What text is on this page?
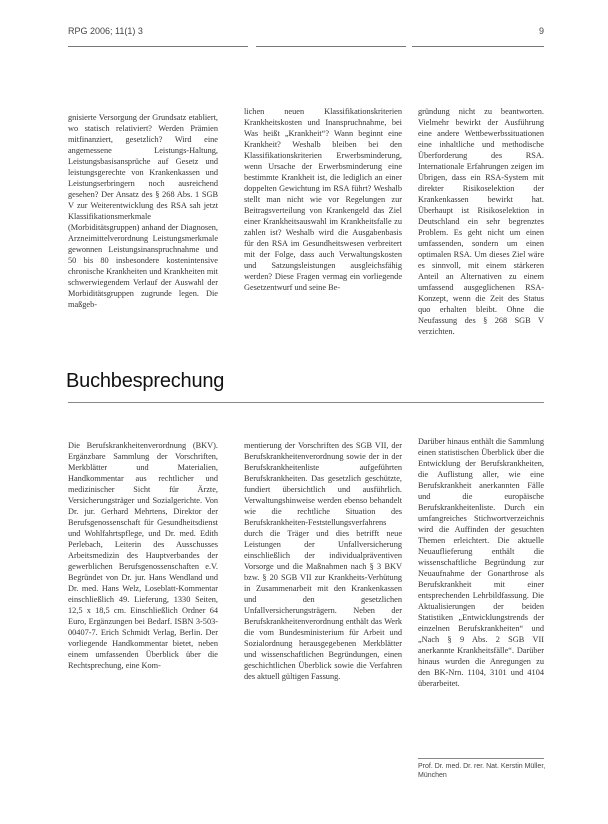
RPG 2006; 11(1) 3	9

gnisierte Versorgung der Grundsatz etabliert, wo statisch relativiert? Werden Prämien mitfinanziert, gesetzlich? Wird eine angemessene Leistungs-Haltung, Leistungsbasisansprüche auf Gesetz und leistungsgerechte von Krankenkassen und Leistungserbringern noch ausreichend gesehen? Der Ansatz des § 268 Abs. 1 SGB V zur Weiterentwicklung des RSA sah jetzt Klassifikationsmerkmale (Morbiditätsgruppen) anhand der Diagnosen, Arzneimittelverordnung Leistungsmerkmale gewonnen Leistungsinanspruchnahme und 50 bis 80 insbesondere kostenintensive chronische Krankheiten und Krankheiten mit schwerwiegendem Verlauf der Auswahl der Morbiditätsgruppen zugrunde legen. Die maßgeb-

lichen neuen Klassifikationskriterien Krankheitskosten und Inanspruchnahme, bei Was heißt „Krankheit“? Wann beginnt eine Krankheit? Weshalb bleiben bei den Klassifikationskriterien Erwerbsminderung, wenn Ursache der Erwerbsminderung eine bestimmte Krankheit ist, die lediglich an einer doppelten Gewichtung im RSA führt? Weshalb stellt man nicht wie vor Regelungen zur Beitragsverteilung von Krankengeld das Ziel einer Krankheitsauswahl im Krankheitsfalle zu zahlen ist? Weshalb wird die Ausgabenbasis für den RSA im Gesundheitswesen verbreitert mit der Folge, dass auch Verwaltungskosten und Satzungsleistungen ausgleichsfähig werden? Diese Fragen vermag ein vorliegende Gesetzentwurf und seine Be-

gründung nicht zu beantworten. Vielmehr bewirkt der Ausführung eine andere Wettbewerbssituationen eine inhaltliche und methodische Überforderung des RSA. Internationale Erfahrungen zeigen im Übrigen, dass ein RSA-System mit direkter Risikoselektion der Krankenkassen bewirkt hat. Überhaupt ist Risikoselektion in Deutschland ein sehr begrenztes Problem. Es geht nicht um einen umfassenden, sondern um einen optimalen RSA. Um dieses Ziel wäre es sinnvoll, mit einem stärkeren Anteil an Alternativen zu einem umfassend ausgeglichenen RSA-Konzept, wenn die Zeit des Status quo erhalten bleibt. Ohne die Neufassung des § 268 SGB V verzichten.

Buchbesprechung

Die Berufskrankheitenverordnung (BKV). Ergänzbare Sammlung der Vorschriften, Merkblätter und Materialien, Handkommentar aus rechtlicher und medizinischer Sicht für Ärzte, Versicherungsträger und Sozialgerichte. Von Dr. jur. Gerhard Mehrtens, Direktor der Berufsgenossenschaft für Gesundheitsdienst und Wohlfahrtspflege, und Dr. med. Edith Perlebach, Leiterin des Ausschusses Arbeitsmedizin des Hauptverbandes der gewerblichen Berufsgenossenschaften e.V. Begründet von Dr. jur. Hans Wendland und Dr. med. Hans Welz, Loseblatt-Kommentar einschließlich 49. Lieferung, 1330 Seiten, 12,5 x 18,5 cm. Einschließlich Ordner 64 Euro, Ergänzungen bei Bedarf. ISBN 3-503-00407-7. Erich Schmidt Verlag, Berlin. Der vorliegende Handkommentar bietet, neben einem umfassenden Überblick über die Rechtsprechung, eine Kom-

mentierung der Vorschriften des SGB VII, der Berufskrankheitenverordnung sowie der in der Berufskrankheitenliste aufgeführten Berufskrankheiten. Das gesetzlich geschützte, fundiert übersichtlich und ausführlich. Verwaltungshinweise werden ebenso behandelt wie die rechtliche Situation des Berufskrankheiten-Feststellungsverfahrens durch die Träger und dies betrifft neue Leistungen der Unfallversicherung einschließlich der individualpräventiven Vorsorge und die Maßnahmen nach § 3 BKV bzw. § 20 SGB VII zur Krankheits-Verhütung in Zusammenarbeit mit den Krankenkassen und den gesetzlichen Unfallversicherungsträgern. Neben der Berufskrankheitenverordnung enthält das Werk die vom Bundesministerium für Arbeit und Sozialordnung herausgegebenen Merkblätter und wissenschaftlichen Begründungen, einen geschichtlichen Überblick sowie die Verfahren des aktuell gültigen Fassung.

Darüber hinaus enthält die Sammlung einen statistischen Überblick über die Entwicklung der Berufskrankheiten, die Auflistung aller, wie eine Berufskrankheit anerkannten Fälle und die europäische Berufskrankheitenliste. Durch ein umfangreiches Stichwortverzeichnis wird die Auffinden der gesuchten Themen erleichtert. Die aktuelle Neuauflieferung enthält die wissenschaftliche Begründung zur Neuaufnahme der Gonarthrose als Berufskrankheit mit einer entsprechenden Lehrbildfassung. Die Aktualisierungen der beiden Statistiken „Entwicklungstrends der einzelnen Berufskrankheiten“ und „Nach § 9 Abs. 2 SGB VII anerkannte Krankheitsfälle“. Darüber hinaus wurden die Anregungen zu den BK-Nrn. 1104, 3101 und 4104 überarbeitet.

Prof. Dr. med. Dr. rer. Nat. Kerstin Müller, München
